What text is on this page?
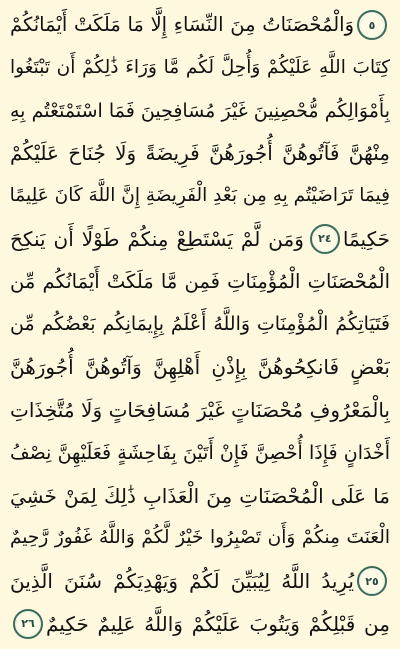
٥
وَالْمُحْصَنَاتُ مِنَ النِّسَاءِ إِلَّا مَا مَلَكَتْ أَيْمَانُكُمْ
كِتَابَ اللَّهِ عَلَيْكُمْ وَأُحِلَّ لَكُم مَّا وَرَاءَ ذَٰلِكُمْ أَن تَبْتَغُوا
بِأَمْوَالِكُم مُّحْصِنِينَ غَيْرَ مُسَافِحِينَ فَمَا اسْتَمْتَعْتُم بِهِ
مِنْهُنَّ فَآتُوهُنَّ أُجُورَهُنَّ فَرِيضَةً وَلَا جُنَاحَ عَلَيْكُمْ
فِيمَا تَرَاضَيْتُم بِهِ مِن بَعْدِ الْفَرِيضَةِ إِنَّ اللَّهَ كَانَ عَلِيمًا
حَكِيمًا
٢٤
وَمَن لَّمْ يَسْتَطِعْ مِنكُمْ طَوْلًا أَن يَنكِحَ
الْمُحْصَنَاتِ الْمُؤْمِنَاتِ فَمِن مَّا مَلَكَتْ أَيْمَانُكُم مِّن
فَتَيَاتِكُمُ الْمُؤْمِنَاتِ وَاللَّهُ أَعْلَمُ بِإِيمَانِكُم بَعْضُكُم مِّن
بَعْضٍ فَانكِحُوهُنَّ بِإِذْنِ أَهْلِهِنَّ وَآتُوهُنَّ أُجُورَهُنَّ
بِالْمَعْرُوفِ مُحْصَنَاتٍ غَيْرَ مُسَافِحَاتٍ وَلَا مُتَّخِذَاتِ
أَخْدَانٍ فَإِذَا أُحْصِنَّ فَإِنْ أَتَيْنَ بِفَاحِشَةٍ فَعَلَيْهِنَّ نِصْفُ
مَا عَلَى الْمُحْصَنَاتِ مِنَ الْعَذَابِ ذَٰلِكَ لِمَنْ خَشِيَ
الْعَنَتَ مِنكُمْ وَأَن تَصْبِرُوا خَيْرٌ لَّكُمْ وَاللَّهُ غَفُورٌ رَّحِيمٌ
٢٥
يُرِيدُ اللَّهُ لِيُبَيِّنَ لَكُمْ وَيَهْدِيَكُمْ سُنَنَ الَّذِينَ
مِن قَبْلِكُمْ وَيَتُوبَ عَلَيْكُمْ وَاللَّهُ عَلِيمٌ حَكِيمٌ
٢٦
